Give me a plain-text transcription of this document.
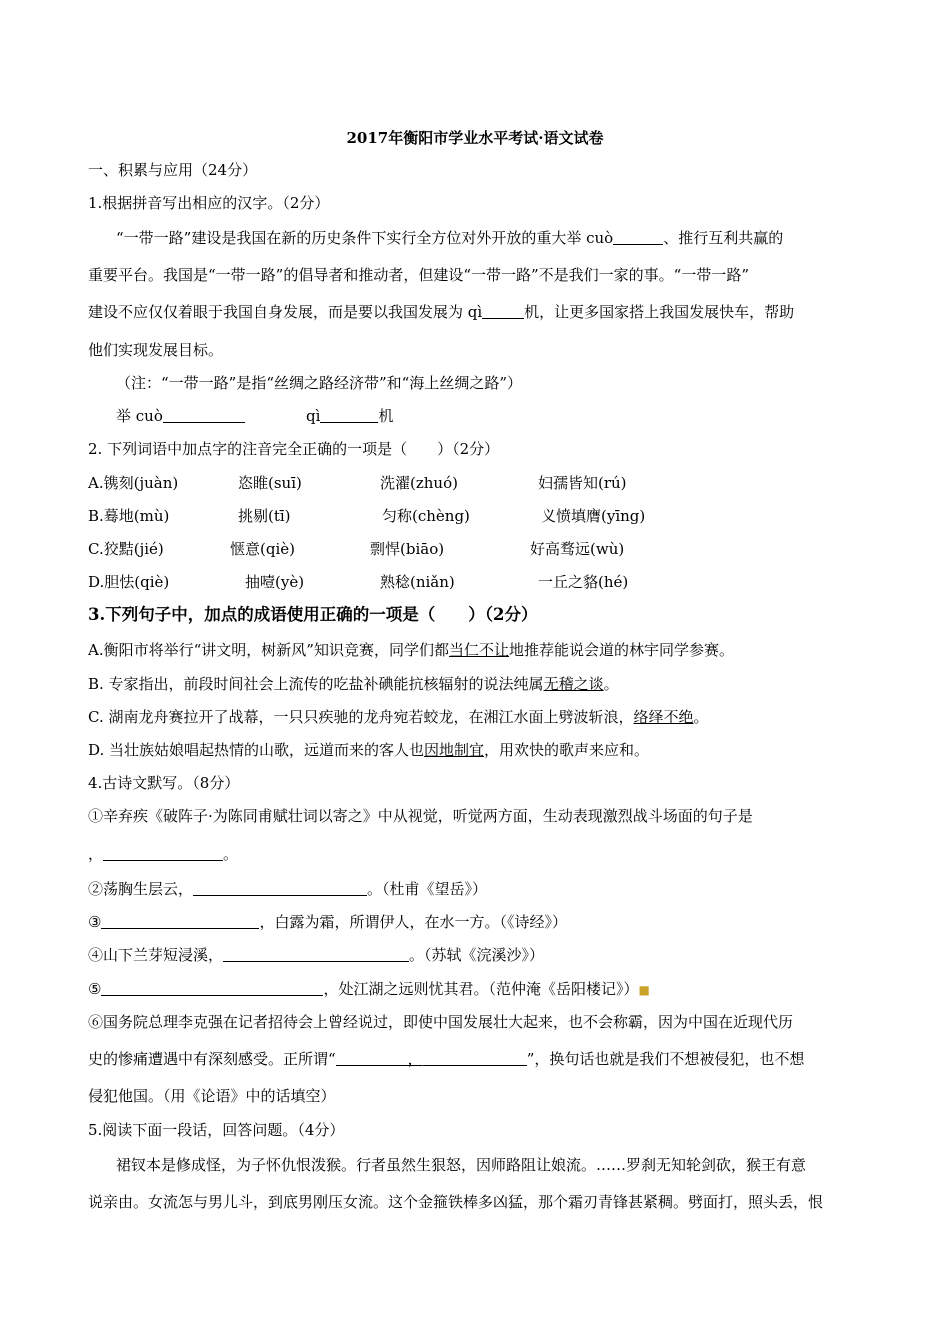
2017年衡阳市学业水平考试·语文试卷
一、积累与应用（24分）
1.根据拼音写出相应的汉字。（2分）
“一带一路”建设是我国在新的历史条件下实行全方位对外开放的重大举 cuò	、推行互利共赢的
重要平台。我国是“一带一路”的倡导者和推动者，但建设“一带一路”不是我们一家的事。“一带一路”
建设不应仅仅着眼于我国自身发展，而是要以我国发展为 qì	机，让更多国家搭上我国发展快车，帮助
他们实现发展目标。
（注：“一带一路”是指“丝绸之路经济带”和“海上丝绸之路”）
举 cuò	qì	机
2. 下列词语中加点字的注音完全正确的一项是（　　）（2分）
A.镌刻(juàn)	恣睢(suī)	洗濯(zhuó)	妇孺皆知(rú)
B.蓦地(mù)	挑剔(tī)	匀称(chèng)	义愤填膺(yīng)
C.狡黠(jié)	惬意(qiè)	剽悍(biāo)	好高骛远(wù)
D.胆怯(qiè)	抽噎(yè)	熟稔(niǎn)	一丘之貉(hé)
3.下列句子中，加点的成语使用正确的一项是（　　）（2分）
A.衡阳市将举行“讲文明，树新风”知识竞赛，同学们都当仁不让地推荐能说会道的林宇同学参赛。
B. 专家指出，前段时间社会上流传的吃盐补碘能抗核辐射的说法纯属无稽之谈。
C. 湖南龙舟赛拉开了战幕，一只只疾驰的龙舟宛若蛟龙，在湘江水面上劈波斩浪，络绎不绝。
D. 当壮族姑娘唱起热情的山歌，远道而来的客人也因地制宜，用欢快的歌声来应和。
4.古诗文默写。（8分）
①辛弃疾《破阵子·为陈同甫赋壮词以寄之》中从视觉，听觉两方面，生动表现激烈战斗场面的句子是
，	。
②荡胸生层云，	。（杜甫《望岳》）
③	，白露为霜，所谓伊人，在水一方。（《诗经》）
④山下兰芽短浸溪，	。（苏轼《浣溪沙》）
⑤	，处江湖之远则忧其君。（范仲淹《岳阳楼记》）■
⑥国务院总理李克强在记者招待会上曾经说过，即使中国发展壮大起来，也不会称霸，因为中国在近现代历
史的惨痛遭遇中有深刻感受。正所谓“	，	”，换句话也就是我们不想被侵犯，也不想
侵犯他国。（用《论语》中的话填空）
5.阅读下面一段话，回答问题。（4分）
裙钗本是修成怪，为子怀仇恨泼猴。行者虽然生狠怒，因师路阻让娘流。……罗刹无知轮剑砍，猴王有意
说亲由。女流怎与男儿斗，到底男刚压女流。这个金箍铁棒多凶猛，那个霜刃青锋甚紧稠。劈面打，照头丢，恨
